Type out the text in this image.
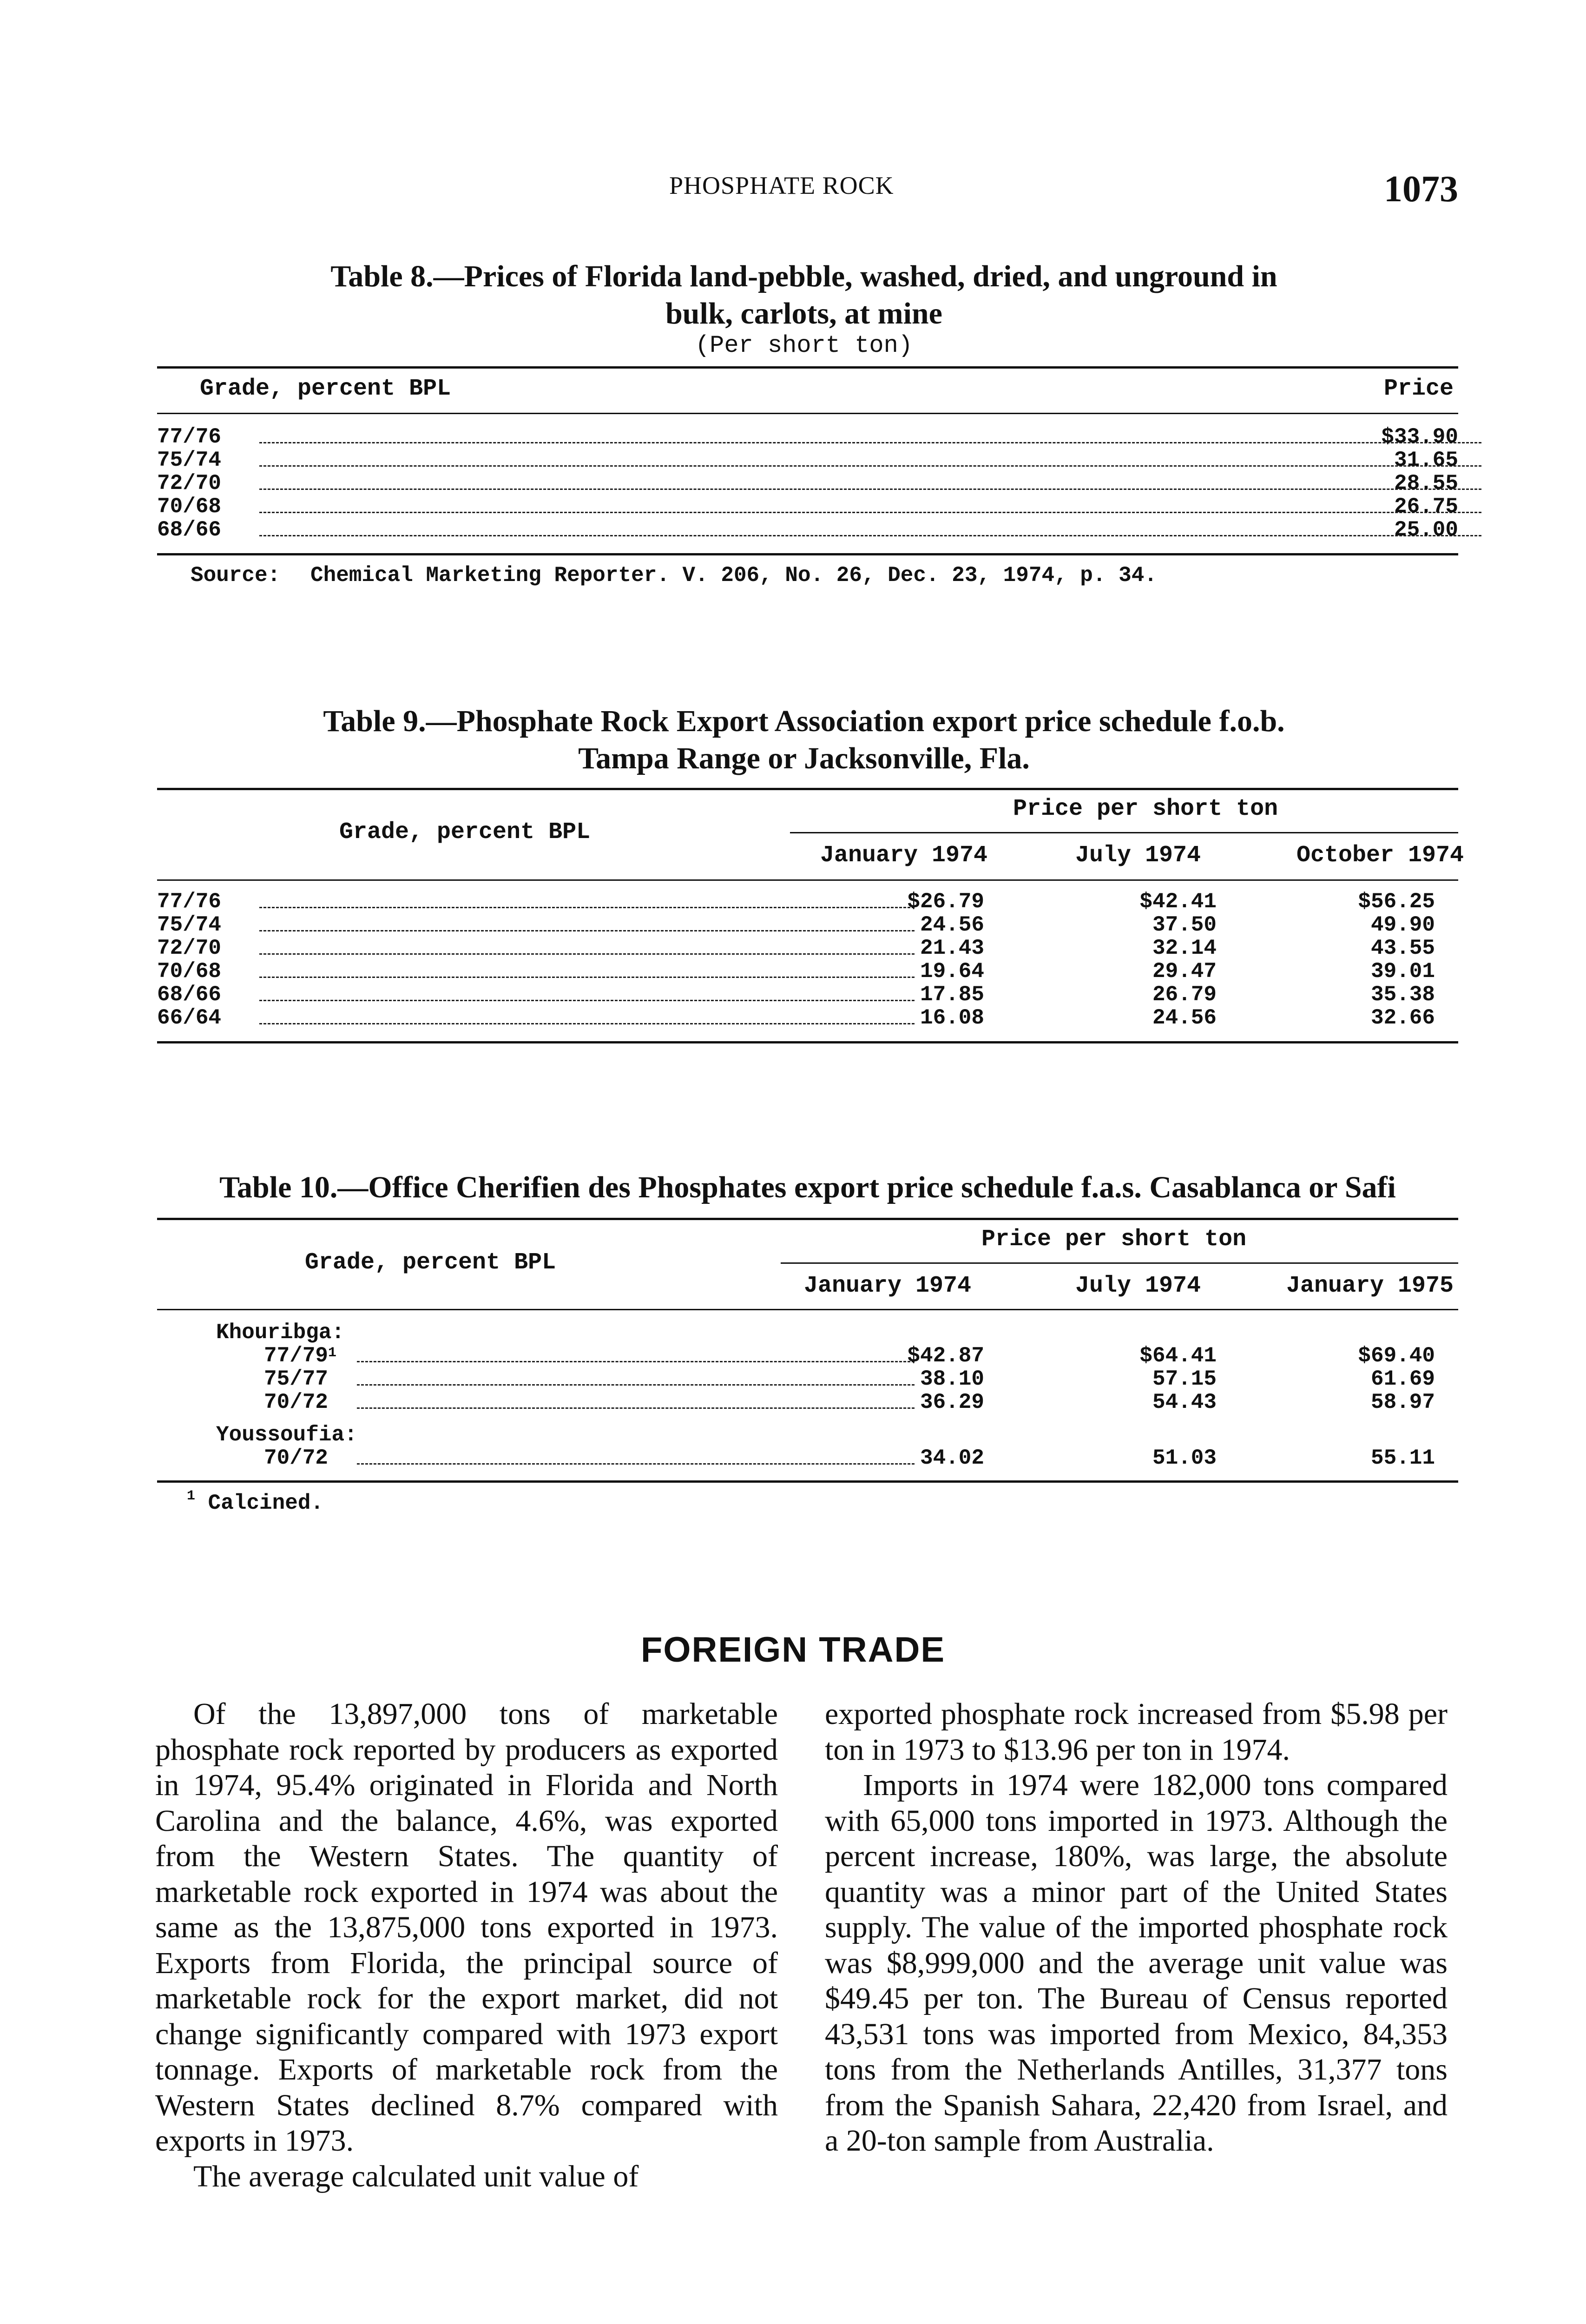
PHOSPHATE ROCK	1073
Table 8.—Prices of Florida land-pebble, washed, dried, and unground in
bulk, carlots, at mine
(Per short ton)
Grade, percent BPL	Price
77/76	$33.90
75/74	31.65
72/70	28.55
70/68	26.75
68/66	25.00
Source: Chemical Marketing Reporter. V. 206, No. 26, Dec. 23, 1974, p. 34.
Table 9.—Phosphate Rock Export Association export price schedule f.o.b.
Tampa Range or Jacksonville, Fla.
Grade, percent BPL
Price per short ton
January 1974	July 1974	October 1974
77/76	$26.79	$42.41	$56.25
75/74	24.56	37.50	49.90
72/70	21.43	32.14	43.55
70/68	19.64	29.47	39.01
68/66	17.85	26.79	35.38
66/64	16.08	24.56	32.66
Table 10.—Office Cherifien des Phosphates export price schedule f.a.s. Casablanca or Safi
Grade, percent BPL
Price per short ton
January 1974	July 1974	January 1975
Khouribga:
$77/79^1$	$42.87	$64.41	$69.40
75/77	38.10	57.15	61.69
70/72	36.29	54.43	58.97
Youssoufia:
70/72	34.02	51.03	55.11
$^1$ Calcined.
FOREIGN TRADE

Of the 13,897,000 tons of marketable phosphate rock reported by producers as exported in 1974, 95.4% originated in Florida and North Carolina and the balance, 4.6%, was exported from the Western States. The quantity of marketable rock exported in 1974 was about the same as the 13,875,000 tons exported in 1973. Exports from Florida, the principal source of marketable rock for the export market, did not change significantly compared with 1973 export tonnage. Exports of marketable rock from the Western States declined 8.7% compared with exports in 1973.

The average calculated unit value of

exported phosphate rock increased from $5.98 per ton in 1973 to $13.96 per ton in 1974.

Imports in 1974 were 182,000 tons compared with 65,000 tons imported in 1973. Although the percent increase, 180%, was large, the absolute quantity was a minor part of the United States supply. The value of the imported phosphate rock was $8,999,000 and the average unit value was $49.45 per ton. The Bureau of Census reported 43,531 tons was imported from Mexico, 84,353 tons from the Netherlands Antilles, 31,377 tons from the Spanish Sahara, 22,420 from Israel, and a 20-ton sample from Australia.
